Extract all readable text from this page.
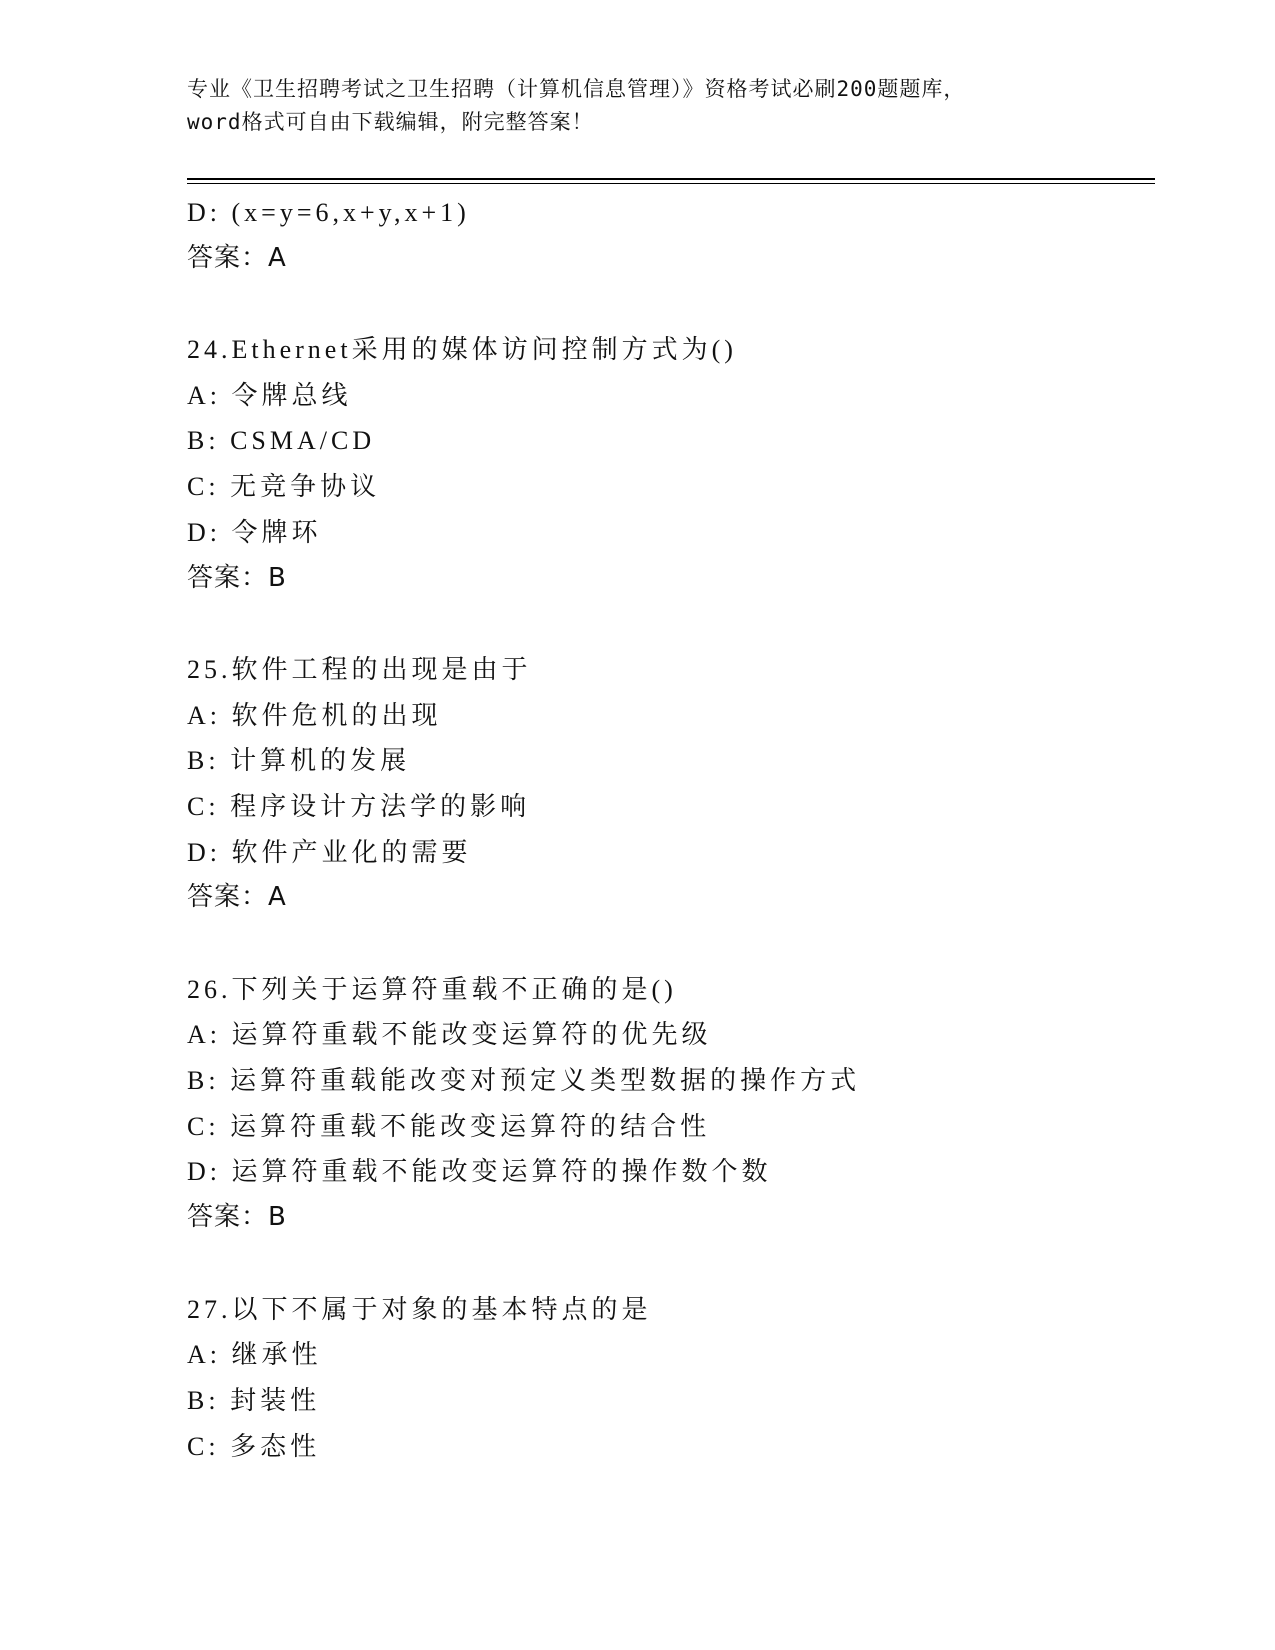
专业《卫生招聘考试之卫生招聘（计算机信息管理）》资格考试必刷200题题库，
word格式可自由下载编辑，附完整答案！
D: (x=y=6,x+y,x+1)
答案：A
24.Ethernet采用的媒体访问控制方式为()
A: 令牌总线
B: CSMA/CD
C: 无竞争协议
D: 令牌环
答案：B
25.软件工程的出现是由于
A: 软件危机的出现
B: 计算机的发展
C: 程序设计方法学的影响
D: 软件产业化的需要
答案：A
26.下列关于运算符重载不正确的是()
A: 运算符重载不能改变运算符的优先级
B: 运算符重载能改变对预定义类型数据的操作方式
C: 运算符重载不能改变运算符的结合性
D: 运算符重载不能改变运算符的操作数个数
答案：B
27.以下不属于对象的基本特点的是
A: 继承性
B: 封装性
C: 多态性
